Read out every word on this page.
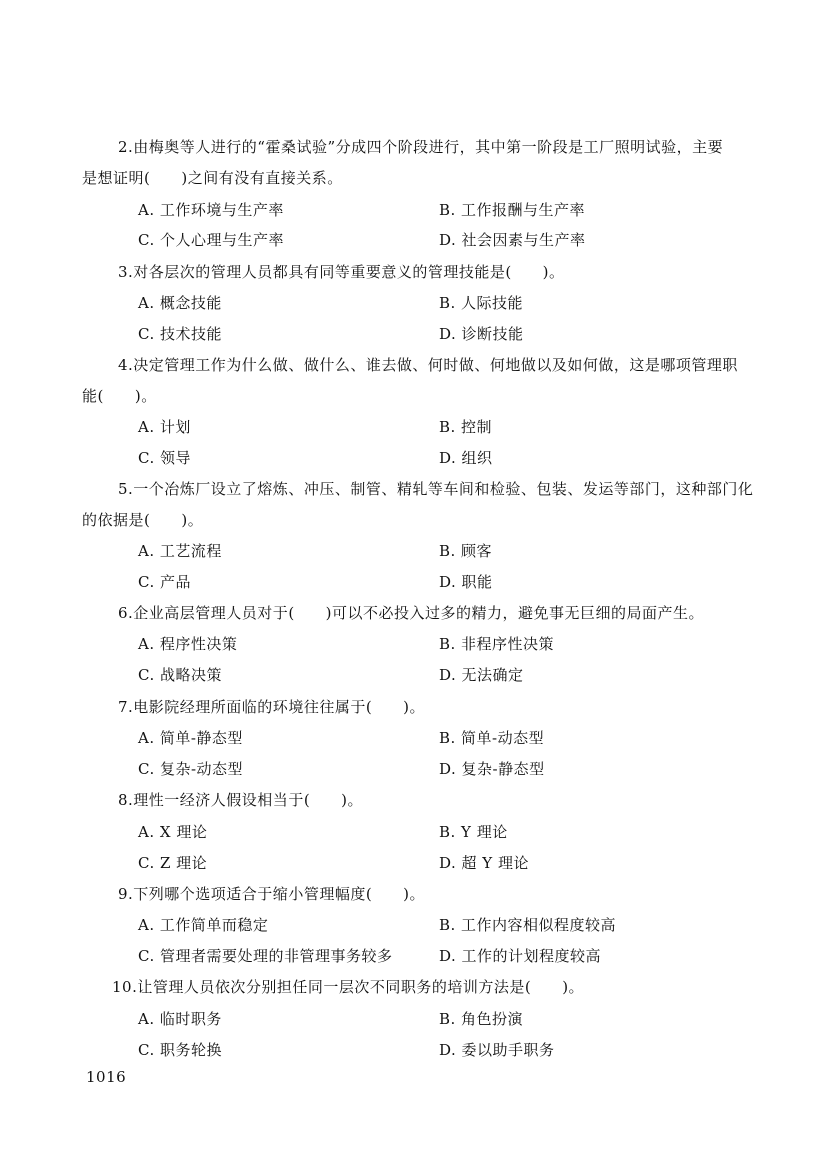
2.由梅奥等人进行的“霍桑试验”分成四个阶段进行，其中第一阶段是工厂照明试验，主要
是想证明(　　)之间有没有直接关系。
A. 工作环境与生产率	B. 工作报酬与生产率
C. 个人心理与生产率	D. 社会因素与生产率
3.对各层次的管理人员都具有同等重要意义的管理技能是(　　)。
A. 概念技能	B. 人际技能
C. 技术技能	D. 诊断技能
4.决定管理工作为什么做、做什么、谁去做、何时做、何地做以及如何做，这是哪项管理职
能(　　)。
A. 计划	B. 控制
C. 领导	D. 组织
5.一个冶炼厂设立了熔炼、冲压、制管、精轧等车间和检验、包装、发运等部门，这种部门化
的依据是(　　)。
A. 工艺流程	B. 顾客
C. 产品	D. 职能
6.企业高层管理人员对于(　　)可以不必投入过多的精力，避免事无巨细的局面产生。
A. 程序性决策	B. 非程序性决策
C. 战略决策	D. 无法确定
7.电影院经理所面临的环境往往属于(　　)。
A. 简单-静态型	B. 简单-动态型
C. 复杂-动态型	D. 复杂-静态型
8.理性一经济人假设相当于(　　)。
A. X 理论	B. Y 理论
C. Z 理论	D. 超 Y 理论
9.下列哪个选项适合于缩小管理幅度(　　)。
A. 工作简单而稳定	B. 工作内容相似程度较高
C. 管理者需要处理的非管理事务较多	D. 工作的计划程度较高
10.让管理人员依次分别担任同一层次不同职务的培训方法是(　　)。
A. 临时职务	B. 角色扮演
C. 职务轮换	D. 委以助手职务
1016
